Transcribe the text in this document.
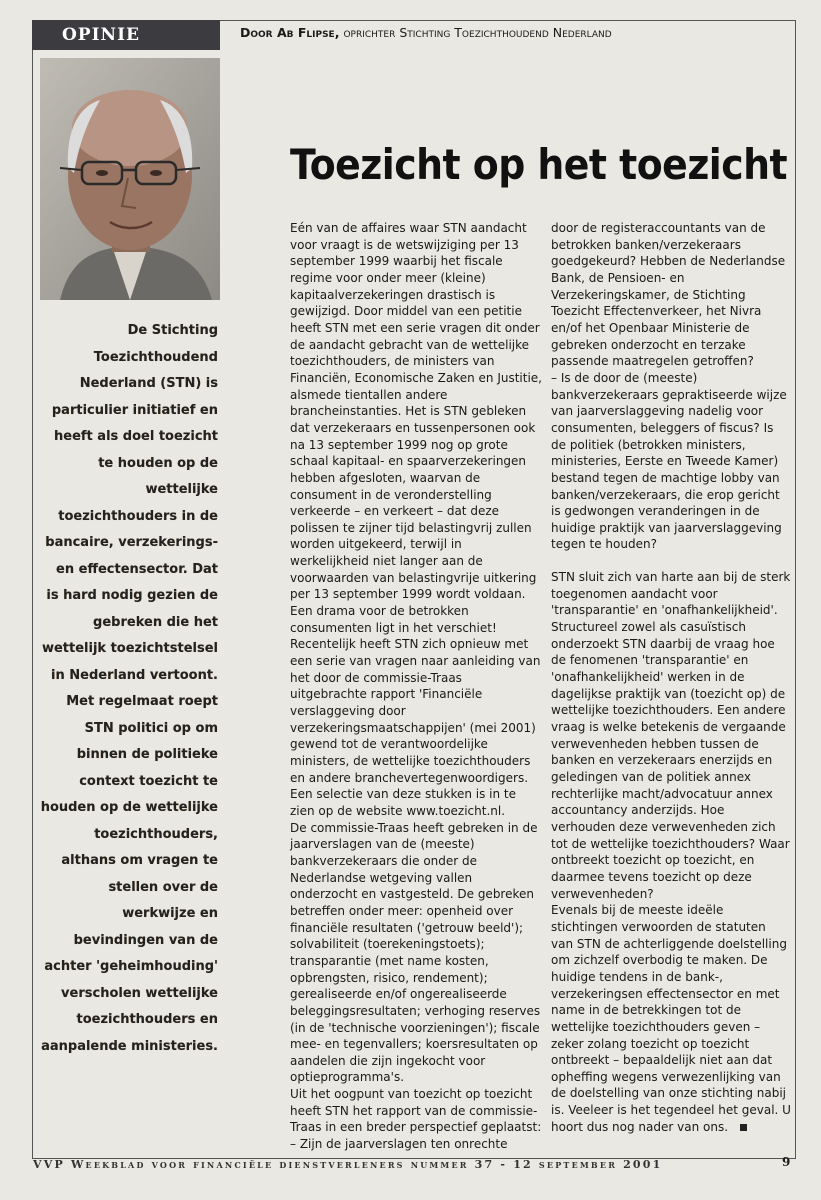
OPINIE	Door Ab Flipse, oprichter Stichting Toezichthoudend Nederland
Toezicht op het toezicht
De Stichting Toezichthoudend Nederland (STN) is particulier initiatief en heeft als doel toezicht te houden op de wettelijke toezichthouders in de bancaire, verzekerings- en effectensector. Dat is hard nodig gezien de gebreken die het wettelijk toezichtstelsel in Nederland vertoont. Met regelmaat roept STN politici op om binnen de politieke context toezicht te houden op de wettelijke toezichthouders, althans om vragen te stellen over de werkwijze en bevindingen van de achter 'geheimhouding' verscholen wettelijke toezichthouders en aanpalende ministeries.

Eén van de affaires waar STN aandacht voor vraagt is de wetswijziging per 13 september 1999 waarbij het fiscale regime voor onder meer (kleine) kapitaalverzekeringen drastisch is gewijzigd. Door middel van een petitie heeft STN met een serie vragen dit onder de aandacht gebracht van de wettelijke toezichthouders, de ministers van Financiën, Economische Zaken en Justitie, alsmede tientallen andere brancheinstanties. Het is STN gebleken dat verzekeraars en tussenpersonen ook na 13 september 1999 nog op grote schaal kapitaal- en spaarverzekeringen hebben afgesloten, waarvan de consument in de veronderstelling verkeerde – en verkeert – dat deze polissen te zijner tijd belastingvrij zullen worden uitgekeerd, terwijl in werkelijkheid niet langer aan de voorwaarden van belastingvrije uitkering per 13 september 1999 wordt voldaan. Een drama voor de betrokken consumenten ligt in het verschiet!

Recentelijk heeft STN zich opnieuw met een serie van vragen naar aanleiding van het door de commissie-Traas uitgebrachte rapport 'Financiële verslaggeving door verzekeringsmaatschappijen' (mei 2001) gewend tot de verantwoordelijke ministers, de wettelijke toezichthouders en andere branchevertegenwoordigers. Een selectie van deze stukken is in te zien op de website www.toezicht.nl.

De commissie-Traas heeft gebreken in de jaarverslagen van de (meeste) bankverzekeraars die onder de Nederlandse wetgeving vallen onderzocht en vastgesteld. De gebreken betreffen onder meer: openheid over financiële resultaten ('getrouw beeld'); solvabiliteit (toerekeningstoets); transparantie (met name kosten, opbrengsten, risico, rendement); gerealiseerde en/of ongerealiseerde beleggingsresultaten; verhoging reserves (in de 'technische voorzieningen'); fiscale mee- en tegenvallers; koersresultaten op aandelen die zijn ingekocht voor optieprogramma's.

Uit het oogpunt van toezicht op toezicht heeft STN het rapport van de commissie-Traas in een breder perspectief geplaatst:

– Zijn de jaarverslagen ten onrechte

door de registeraccountants van de betrokken banken/verzekeraars goedgekeurd? Hebben de Nederlandse Bank, de Pensioen- en Verzekeringskamer, de Stichting Toezicht Effectenverkeer, het Nivra en/of het Openbaar Ministerie de gebreken onderzocht en terzake passende maatregelen getroffen?

– Is de door de (meeste) bankverzekeraars gepraktiseerde wijze van jaarverslaggeving nadelig voor consumenten, beleggers of fiscus? Is de politiek (betrokken ministers, ministeries, Eerste en Tweede Kamer) bestand tegen de machtige lobby van banken/verzekeraars, die erop gericht is gedwongen veranderingen in de huidige praktijk van jaarverslaggeving tegen te houden?

STN sluit zich van harte aan bij de sterk toegenomen aandacht voor 'transparantie' en 'onafhankelijkheid'. Structureel zowel als casuïstisch onderzoekt STN daarbij de vraag hoe de fenomenen 'transparantie' en 'onafhankelijkheid' werken in de dagelijkse praktijk van (toezicht op) de wettelijke toezichthouders. Een andere vraag is welke betekenis de vergaande verwevenheden hebben tussen de banken en verzekeraars enerzijds en geledingen van de politiek annex rechterlijke macht/advocatuur annex accountancy anderzijds. Hoe verhouden deze verwevenheden zich tot de wettelijke toezichthouders? Waar ontbreekt toezicht op toezicht, en daarmee tevens toezicht op deze verwevenheden?

Evenals bij de meeste ideële stichtingen verwoorden de statuten van STN de achterliggende doelstelling om zichzelf overbodig te maken. De huidige tendens in de bank-, verzekeringsen effectensector en met name in de betrekkingen tot de wettelijke toezichthouders geven – zeker zolang toezicht op toezicht ontbreekt – bepaaldelijk niet aan dat opheffing wegens verwezenlijking van de doelstelling van onze stichting nabij is. Veeleer is het tegendeel het geval. U hoort dus nog nader van ons.

VVP Weekblad voor financiële dienstverleners nummer 37 - 12 september 2001	9
